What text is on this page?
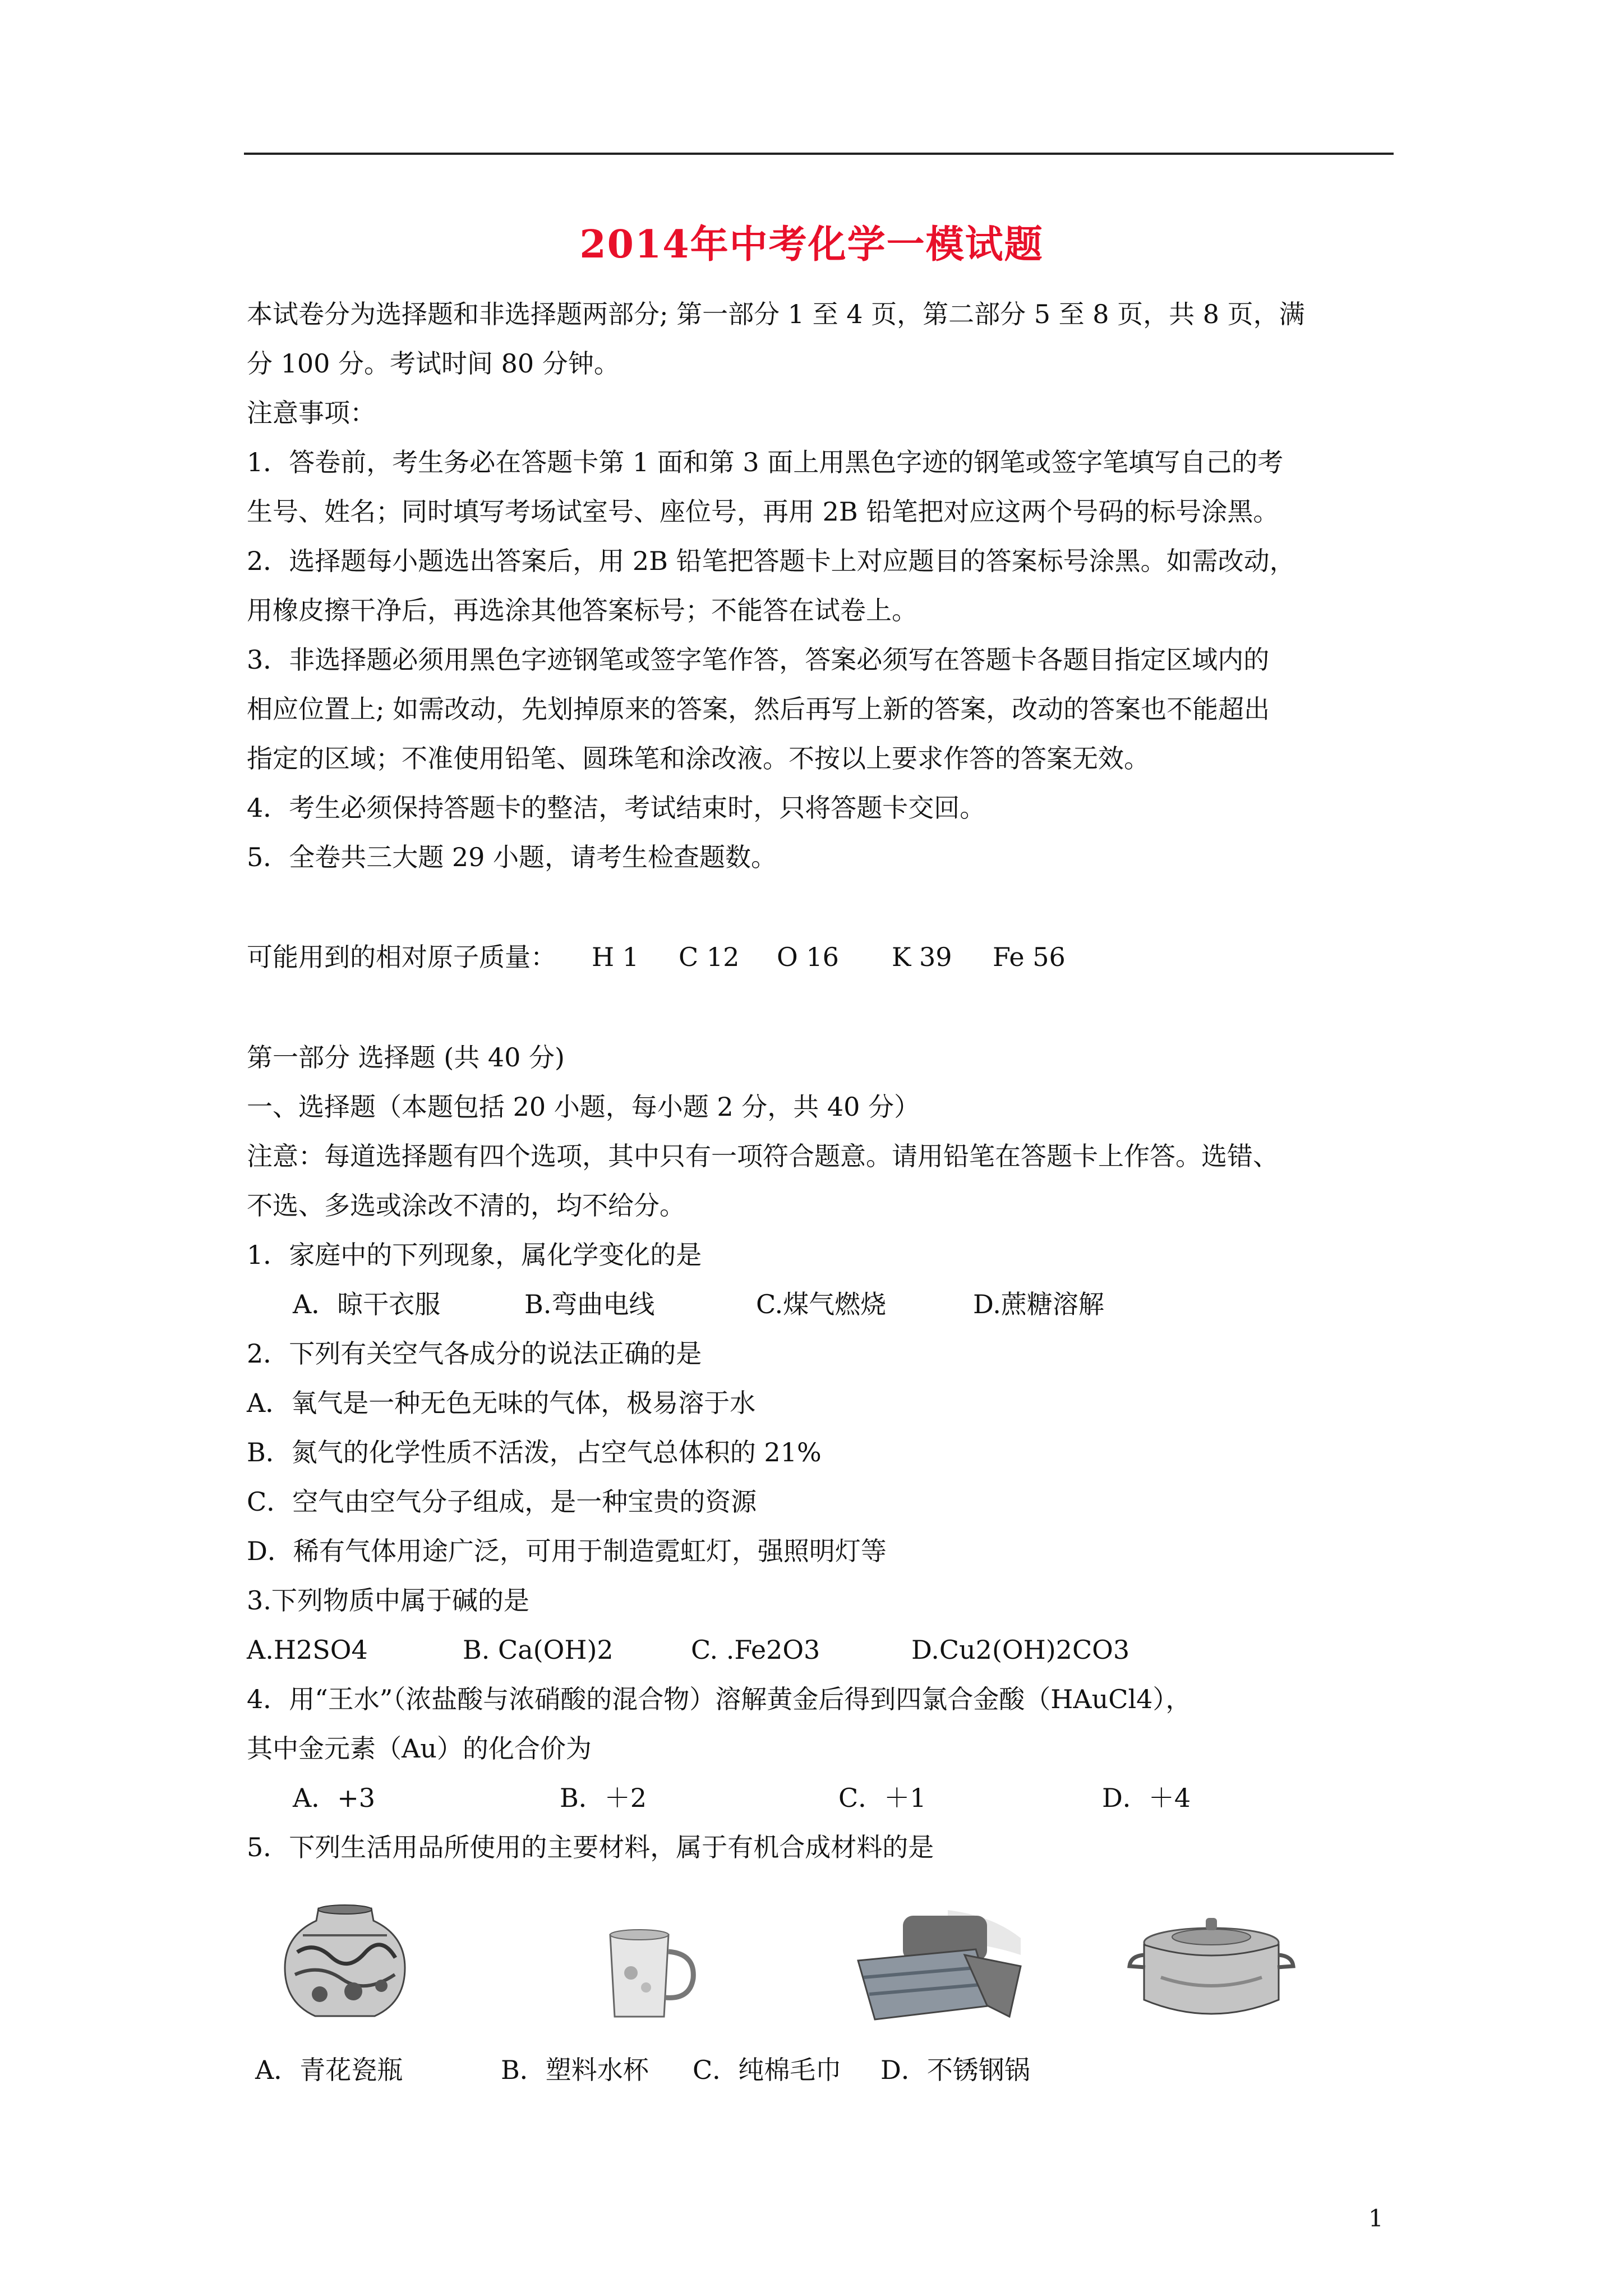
2014年中考化学一模试题
本试卷分为选择题和非选择题两部分; 第一部分 1 至 4 页，第二部分 5 至 8 页，共 8 页，满
分 100 分。考试时间 80 分钟。
注意事项：
1．答卷前，考生务必在答题卡第 1 面和第 3 面上用黑色字迹的钢笔或签字笔填写自己的考
生号、姓名；同时填写考场试室号、座位号，再用 2B 铅笔把对应这两个号码的标号涂黑。
2．选择题每小题选出答案后，用 2B 铅笔把答题卡上对应题目的答案标号涂黑。如需改动，
用橡皮擦干净后，再选涂其他答案标号；不能答在试卷上。
3．非选择题必须用黑色字迹钢笔或签字笔作答，答案必须写在答题卡各题目指定区域内的
相应位置上; 如需改动，先划掉原来的答案，然后再写上新的答案，改动的答案也不能超出
指定的区域；不准使用铅笔、圆珠笔和涂改液。不按以上要求作答的答案无效。
4．考生必须保持答题卡的整洁，考试结束时，只将答题卡交回。
5．全卷共三大题 29 小题，请考生检查题数。
可能用到的相对原子质量： H 1 C 12 O 16 K 39 Fe 56
第一部分 选择题 (共 40 分)
一、选择题（本题包括 20 小题，每小题 2 分，共 40 分）
注意：每道选择题有四个选项，其中只有一项符合题意。请用铅笔在答题卡上作答。选错、
不选、多选或涂改不清的，均不给分。
1．家庭中的下列现象，属化学变化的是
A．晾干衣服	B.弯曲电线	C.煤气燃烧	D.蔗糖溶解
2．下列有关空气各成分的说法正确的是
A．氧气是一种无色无味的气体，极易溶于水
B．氮气的化学性质不活泼，占空气总体积的 21%
C．空气由空气分子组成，是一种宝贵的资源
D．稀有气体用途广泛，可用于制造霓虹灯，强照明灯等
3.下列物质中属于碱的是
A.H2SO4	B. Ca(OH)2	C. .Fe2O3	D.Cu2(OH)2CO3
4．用“王水”（浓盐酸与浓硝酸的混合物）溶解黄金后得到四氯合金酸（HAuCl4），
其中金元素（Au）的化合价为
A．+3	B．＋2	C．＋1	D．＋4
5．下列生活用品所使用的主要材料，属于有机合成材料的是
A．青花瓷瓶	B．塑料水杯 C．纯棉毛巾 D．不锈钢锅
1
